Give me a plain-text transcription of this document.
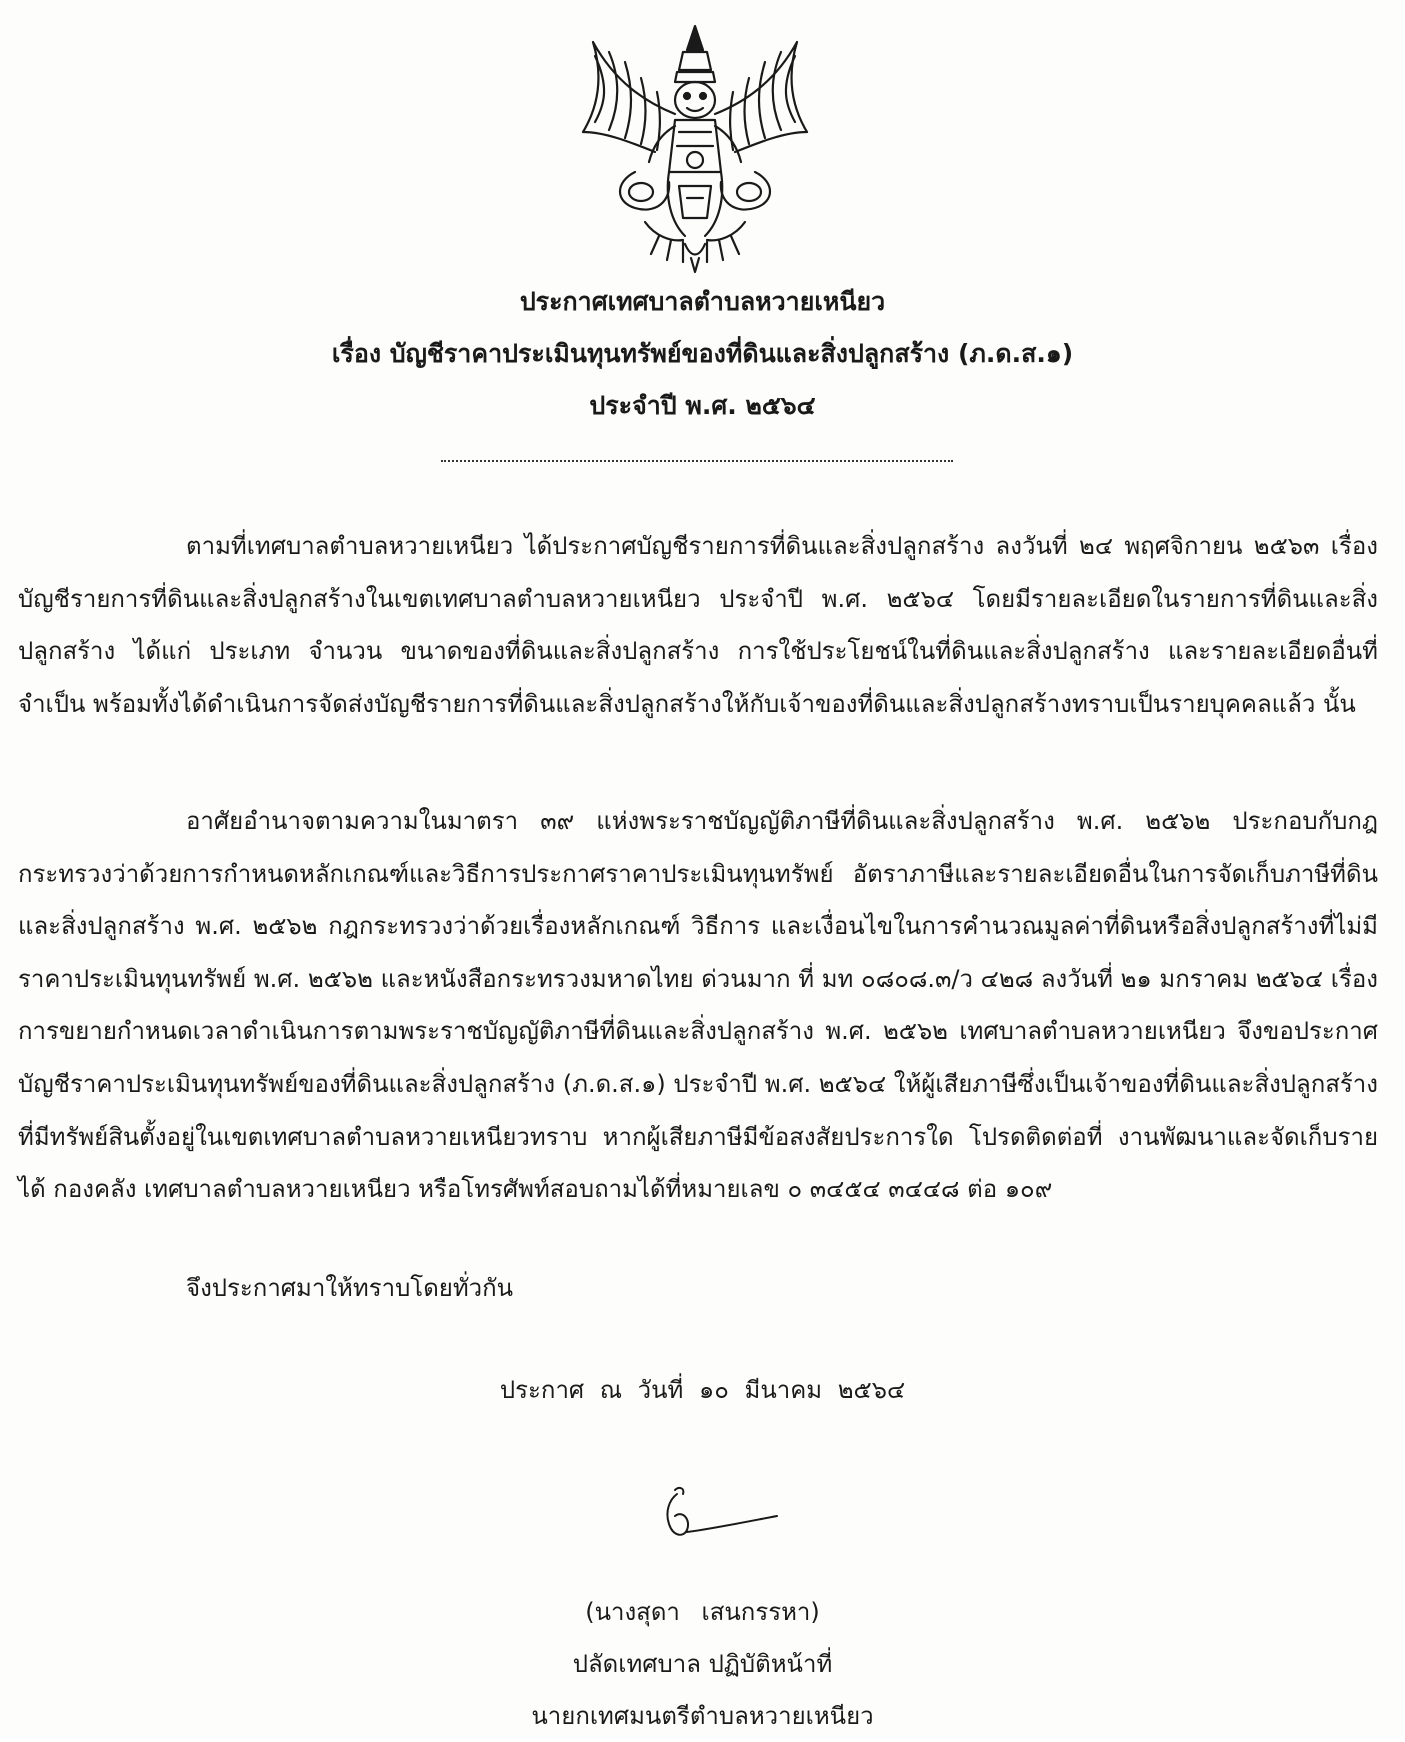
ประกาศเทศบาลตำบลหวายเหนียว
เรื่อง บัญชีราคาประเมินทุนทรัพย์ของที่ดินและสิ่งปลูกสร้าง (ภ.ด.ส.๑)
ประจำปี พ.ศ. ๒๕๖๔

ตามที่เทศบาลตำบลหวายเหนียว ได้ประกาศบัญชีรายการที่ดินและสิ่งปลูกสร้าง ลงวันที่ ๒๔ พฤศจิกายน ๒๕๖๓ เรื่อง บัญชีรายการที่ดินและสิ่งปลูกสร้างในเขตเทศบาลตำบลหวายเหนียว ประจำปี พ.ศ. ๒๕๖๔ โดยมีรายละเอียดในรายการที่ดินและสิ่งปลูกสร้าง ได้แก่ ประเภท จำนวน ขนาดของที่ดินและสิ่งปลูกสร้าง การใช้ประโยชน์ในที่ดินและสิ่งปลูกสร้าง และรายละเอียดอื่นที่จำเป็น พร้อมทั้งได้ดำเนินการจัดส่งบัญชีรายการที่ดินและสิ่งปลูกสร้างให้กับเจ้าของที่ดินและสิ่งปลูกสร้างทราบเป็นรายบุคคลแล้ว นั้น

อาศัยอำนาจตามความในมาตรา ๓๙ แห่งพระราชบัญญัติภาษีที่ดินและสิ่งปลูกสร้าง พ.ศ. ๒๕๖๒ ประกอบกับกฎกระทรวงว่าด้วยการกำหนดหลักเกณฑ์และวิธีการประกาศราคาประเมินทุนทรัพย์ อัตราภาษีและรายละเอียดอื่นในการจัดเก็บภาษีที่ดินและสิ่งปลูกสร้าง พ.ศ. ๒๕๖๒ กฎกระทรวงว่าด้วยเรื่องหลักเกณฑ์ วิธีการ และเงื่อนไขในการคำนวณมูลค่าที่ดินหรือสิ่งปลูกสร้างที่ไม่มีราคาประเมินทุนทรัพย์ พ.ศ. ๒๕๖๒ และหนังสือกระทรวงมหาดไทย ด่วนมาก ที่ มท ๐๘๐๘.๓/ว ๔๒๘ ลงวันที่ ๒๑ มกราคม ๒๕๖๔ เรื่อง การขยายกำหนดเวลาดำเนินการตามพระราชบัญญัติภาษีที่ดินและสิ่งปลูกสร้าง พ.ศ. ๒๕๖๒ เทศบาลตำบลหวายเหนียว จึงขอประกาศบัญชีราคาประเมินทุนทรัพย์ของที่ดินและสิ่งปลูกสร้าง (ภ.ด.ส.๑) ประจำปี พ.ศ. ๒๕๖๔ ให้ผู้เสียภาษีซึ่งเป็นเจ้าของที่ดินและสิ่งปลูกสร้างที่มีทรัพย์สินตั้งอยู่ในเขตเทศบาลตำบลหวายเหนียวทราบ หากผู้เสียภาษีมีข้อสงสัยประการใด โปรดติดต่อที่ งานพัฒนาและจัดเก็บรายได้ กองคลัง เทศบาลตำบลหวายเหนียว หรือโทรศัพท์สอบถามได้ที่หมายเลข ๐ ๓๔๕๔ ๓๔๔๘ ต่อ ๑๐๙

จึงประกาศมาให้ทราบโดยทั่วกัน
ประกาศ ณ วันที่ ๑๐ มีนาคม ๒๕๖๔
(นางสุดา เสนกรรหา)
ปลัดเทศบาล ปฏิบัติหน้าที่
นายกเทศมนตรีตำบลหวายเหนียว
